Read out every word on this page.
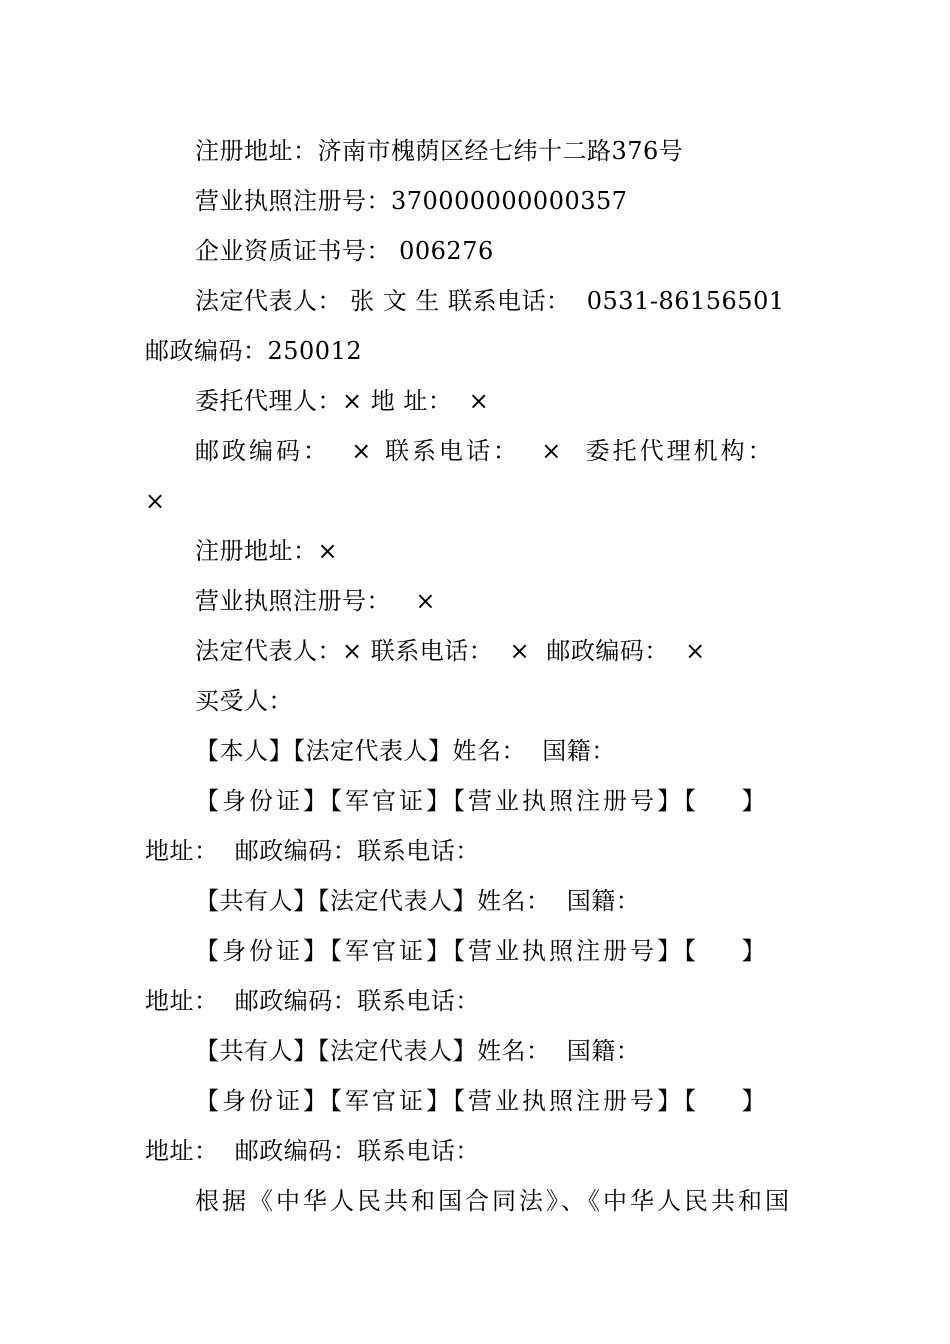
注册地址：济南市槐荫区经七纬十二路376号
营业执照注册号：370000000000357
企业资质证书号： 006276
法定代表人： 张 文 生 联系电话：  0531-86156501
邮政编码：250012
委托代理人：× 地 址：  ×
邮政编码：  × 联系电话：  ×  委托代理机构：
×
注册地址：×
营业执照注册号：   ×
法定代表人：× 联系电话：  ×  邮政编码：  ×
买受人：
【本人】【法定代表人】姓名：  国籍：
【身份证】【军官证】【营业执照注册号】【    】
地址：  邮政编码：联系电话：
【共有人】【法定代表人】姓名：  国籍：
【身份证】【军官证】【营业执照注册号】【    】
地址：  邮政编码：联系电话：
【共有人】【法定代表人】姓名：  国籍：
【身份证】【军官证】【营业执照注册号】【    】
地址：  邮政编码：联系电话：
根据《中华人民共和国合同法》、《中华人民共和国
